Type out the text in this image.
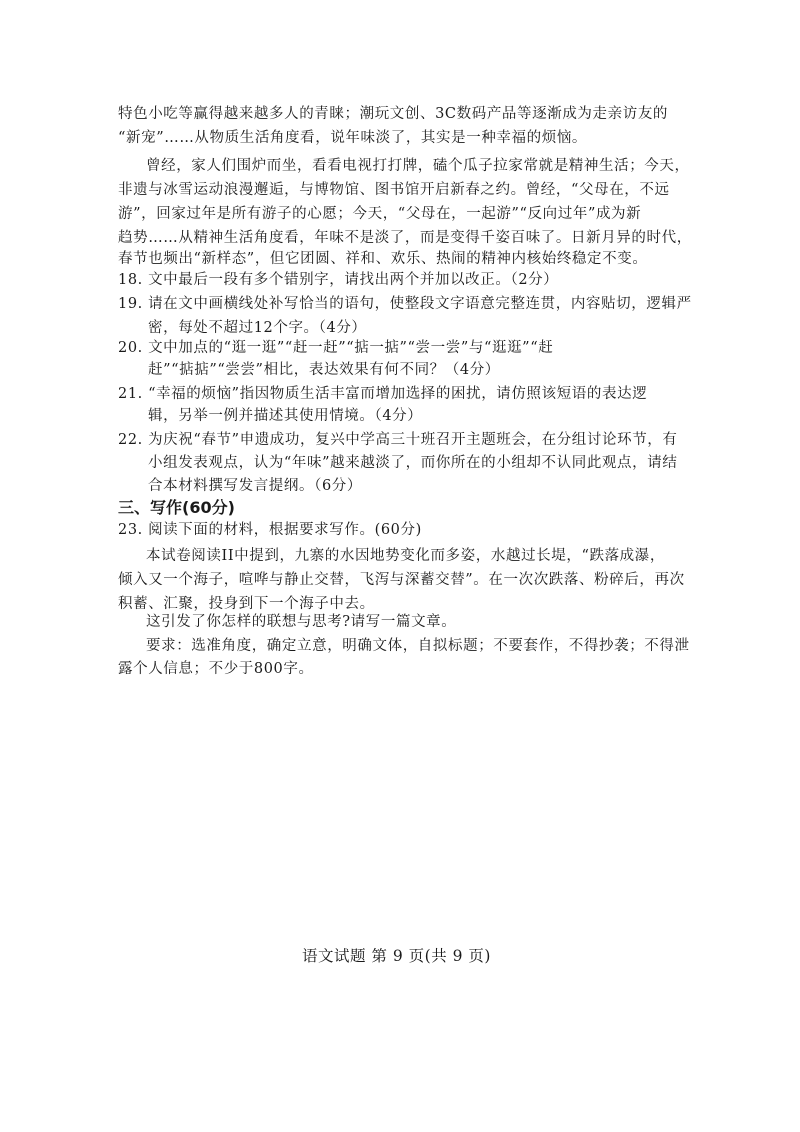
特色小吃等赢得越来越多人的青睐；潮玩文创、3C数码产品等逐渐成为走亲访友的
“新宠”……从物质生活角度看，说年味淡了，其实是一种幸福的烦恼。
曾经，家人们围炉而坐，看看电视打打牌，磕个瓜子拉家常就是精神生活；今天，
非遗与冰雪运动浪漫邂逅，与博物馆、图书馆开启新春之约。曾经，“父母在，不远
游”，回家过年是所有游子的心愿；今天，“父母在，一起游”“反向过年”成为新
趋势……从精神生活角度看，年味不是淡了，而是变得千姿百味了。日新月异的时代，
春节也频出“新样态”，但它团圆、祥和、欢乐、热闹的精神内核始终稳定不变。
18. 文中最后一段有多个错别字，请找出两个并加以改正。（2分）
19. 请在文中画横线处补写恰当的语句，使整段文字语意完整连贯，内容贴切，逻辑严
密，每处不超过12个字。（4分）
20. 文中加点的“逛一逛”“赶一赶”“掂一掂”“尝一尝”与“逛逛”“赶
赶”“掂掂”“尝尝”相比，表达效果有何不同？（4分）
21. “幸福的烦恼”指因物质生活丰富而增加选择的困扰，请仿照该短语的表达逻
辑，另举一例并描述其使用情境。（4分）
22. 为庆祝“春节”申遗成功，复兴中学高三十班召开主题班会，在分组讨论环节，有
小组发表观点，认为“年味”越来越淡了，而你所在的小组却不认同此观点，请结
合本材料撰写发言提纲。（6分）
三、写作(60分)
23. 阅读下面的材料，根据要求写作。(60分)
本试卷阅读II中提到，九寨的水因地势变化而多姿，水越过长堤，“跌落成瀑，
倾入又一个海子，喧哗与静止交替，飞泻与深蓄交替”。在一次次跌落、粉碎后，再次
积蓄、汇聚，投身到下一个海子中去。
这引发了你怎样的联想与思考?请写一篇文章。
要求：选准角度，确定立意，明确文体，自拟标题；不要套作，不得抄袭；不得泄
露个人信息；不少于800字。
语文试题 第 9 页(共 9 页)
